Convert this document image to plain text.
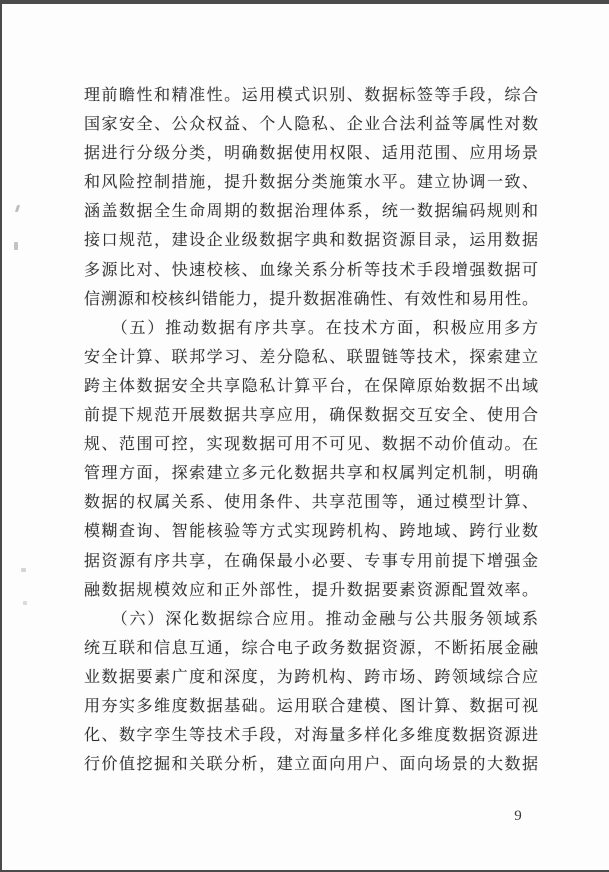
理前瞻性和精准性。运用模式识别、数据标签等手段，综合
国家安全、公众权益、个人隐私、企业合法利益等属性对数
据进行分级分类，明确数据使用权限、适用范围、应用场景
和风险控制措施，提升数据分类施策水平。建立协调一致、
涵盖数据全生命周期的数据治理体系，统一数据编码规则和
接口规范，建设企业级数据字典和数据资源目录，运用数据
多源比对、快速校核、血缘关系分析等技术手段增强数据可
信溯源和校核纠错能力，提升数据准确性、有效性和易用性。
　　（五）推动数据有序共享。在技术方面，积极应用多方
安全计算、联邦学习、差分隐私、联盟链等技术，探索建立
跨主体数据安全共享隐私计算平台，在保障原始数据不出域
前提下规范开展数据共享应用，确保数据交互安全、使用合
规、范围可控，实现数据可用不可见、数据不动价值动。在
管理方面，探索建立多元化数据共享和权属判定机制，明确
数据的权属关系、使用条件、共享范围等，通过模型计算、
模糊查询、智能核验等方式实现跨机构、跨地域、跨行业数
据资源有序共享，在确保最小必要、专事专用前提下增强金
融数据规模效应和正外部性，提升数据要素资源配置效率。
　　（六）深化数据综合应用。推动金融与公共服务领域系
统互联和信息互通，综合电子政务数据资源，不断拓展金融
业数据要素广度和深度，为跨机构、跨市场、跨领域综合应
用夯实多维度数据基础。运用联合建模、图计算、数据可视
化、数字孪生等技术手段，对海量多样化多维度数据资源进
行价值挖掘和关联分析，建立面向用户、面向场景的大数据
9
